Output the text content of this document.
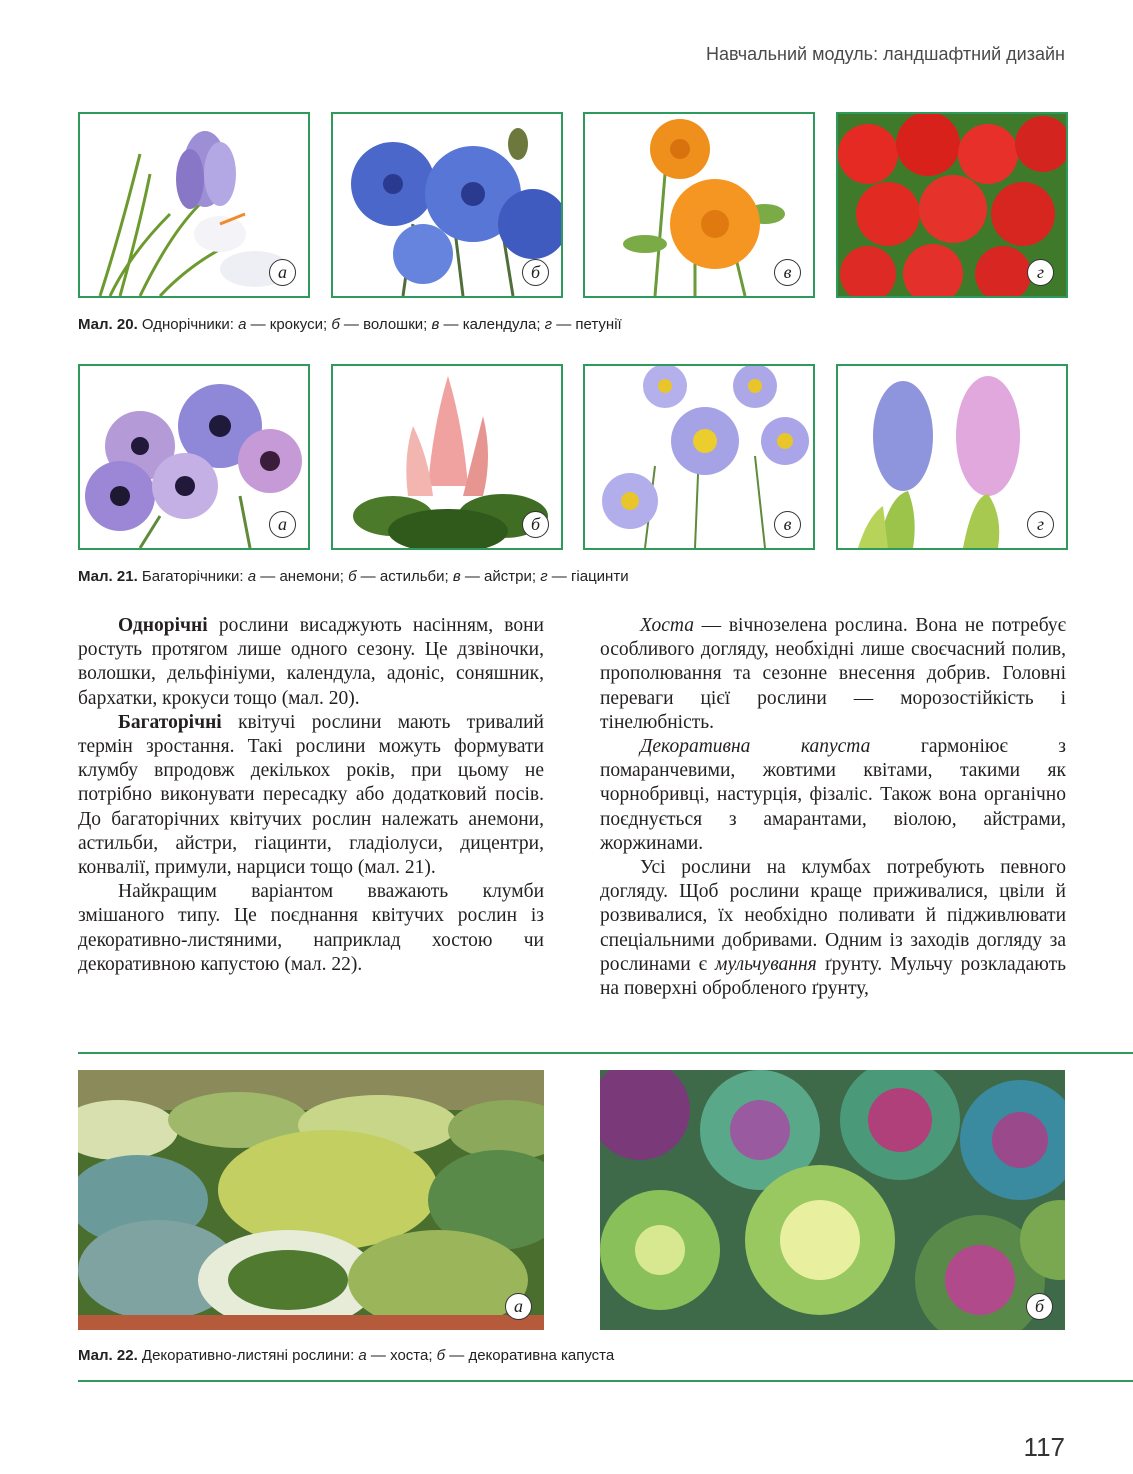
Навчальний модуль: ландшафтний дизайн
а	б	в	г
Мал. 20. Однорічники: а — крокуси; б — волошки; в — календула; г — петунії
а	б	в	г
Мал. 21. Багаторічники: а — анемони; б — астильби; в — айстри; г — гіацинти

Однорічні рослини висаджують насінням, вони ростуть протягом лише одного сезону. Це дзвіночки, волошки, дельфініуми, календула, адоніс, соняшник, бархатки, крокуси тощо (мал. 20).

Багаторічні квітучі рослини мають тривалий термін зростання. Такі рослини можуть формувати клумбу впродовж декількох років, при цьому не потрібно виконувати пересадку або додатковий посів. До багаторічних квітучих рослин належать анемони, астильби, айстри, гіацинти, гладіолуси, дицентри, конвалії, примули, нарциси тощо (мал. 21).

Найкращим варіантом вважають клумби змішаного типу. Це поєднання квітучих рослин із декоративно-листяними, наприклад хостою чи декоративною капустою (мал. 22).

Хоста — вічнозелена рослина. Вона не потребує особливого догляду, необхідні лише своєчасний полив, прополювання та сезонне внесення добрив. Головні переваги цієї рослини — морозостійкість і тінелюбність.

Декоративна капуста гармоніює з помаранчевими, жовтими квітами, такими як чорнобривці, настурція, фізаліс. Також вона органічно поєднується з амарантами, віолою, айстрами, жоржинами.

Усі рослини на клумбах потребують певного догляду. Щоб рослини краще приживалися, цвіли й розвивалися, їх необхідно поливати й підживлювати спеціальними добривами. Одним із заходів догляду за рослинами є мульчування ґрунту. Мульчу розкладають на поверхні обробленого ґрунту,

а	б
Мал. 22. Декоративно-листяні рослини: а — хоста; б — декоративна капуста
117
